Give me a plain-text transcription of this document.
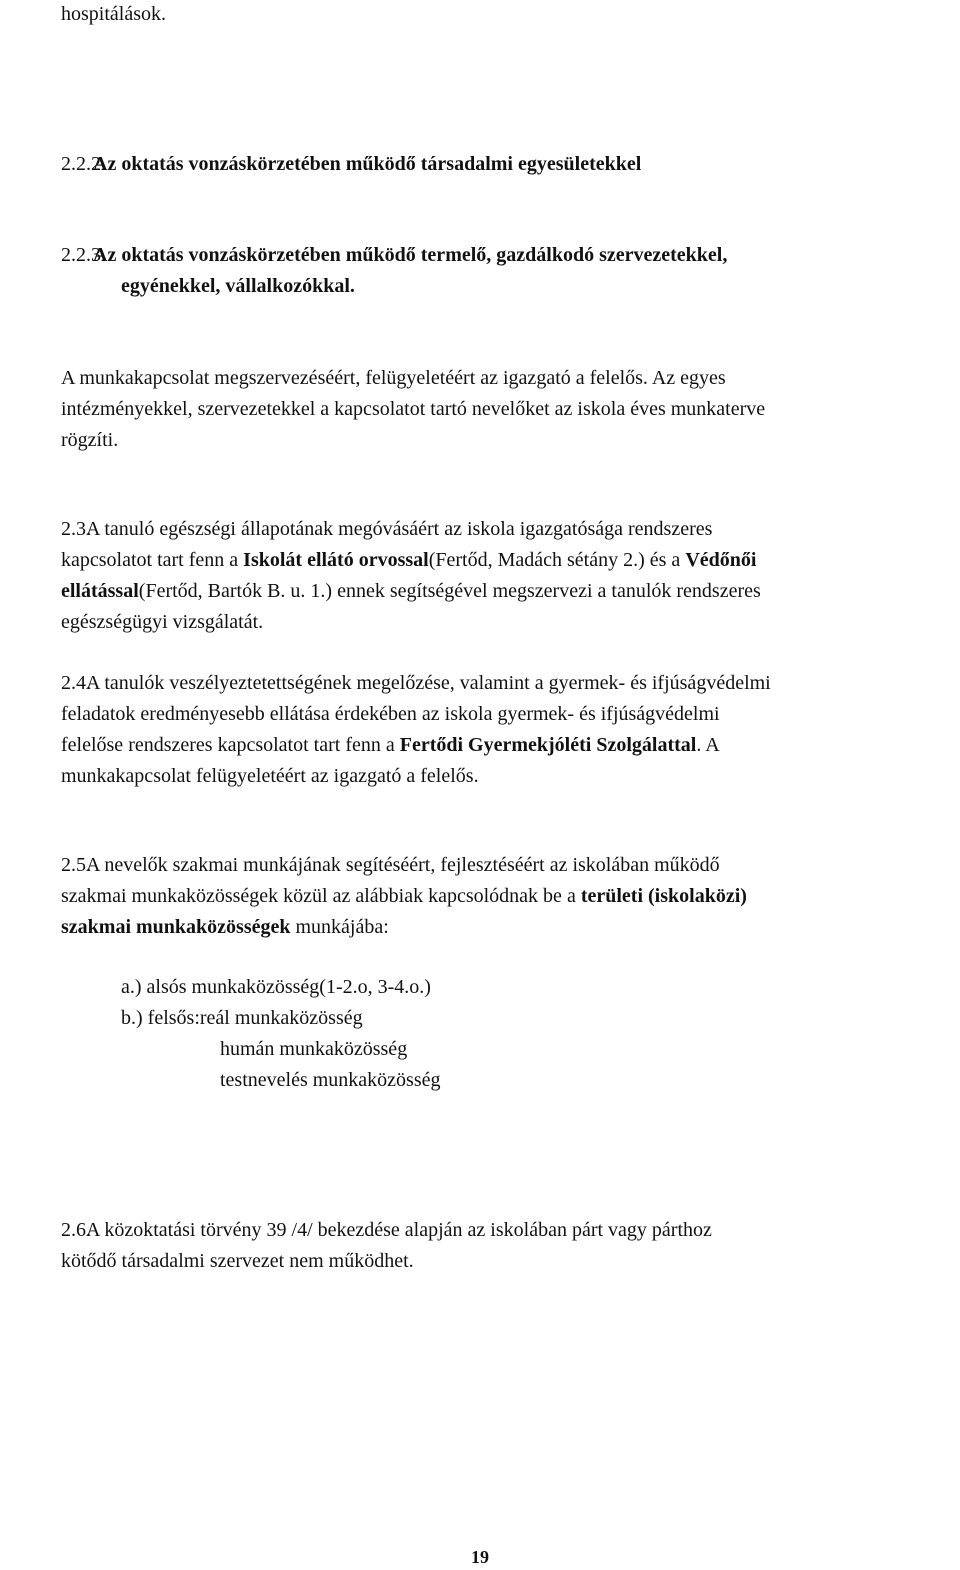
hospitálások.
2.2.2.
Az oktatás vonzáskörzetében működő társadalmi egyesületekkel
2.2.3.
Az oktatás vonzáskörzetében működő termelő, gazdálkodó szervezetekkel,
egyénekkel, vállalkozókkal.
A munkakapcsolat megszervezéséért, felügyeletéért az igazgató a felelős. Az egyes
intézményekkel, szervezetekkel a kapcsolatot tartó nevelőket az iskola éves munkaterve
rögzíti.
2.3.
A tanuló egészségi állapotának megóvásáért az iskola igazgatósága rendszeres
kapcsolatot tart fenn a Iskolát ellátó orvossal(Fertőd, Madách sétány 2.) és a Védőnői
ellátással(Fertőd, Bartók B. u. 1.) ennek segítségével megszervezi a tanulók rendszeres
egészségügyi vizsgálatát.
2.4.
A tanulók veszélyeztetettségének megelőzése, valamint a gyermek- és ifjúságvédelmi
feladatok eredményesebb ellátása érdekében az iskola gyermek- és ifjúságvédelmi
felelőse rendszeres kapcsolatot tart fenn a Fertődi Gyermekjóléti Szolgálattal. A
munkakapcsolat felügyeletéért az igazgató a felelős.
2.5.
A nevelők szakmai munkájának segítéséért, fejlesztéséért az iskolában működő
szakmai munkaközösségek közül az alábbiak kapcsolódnak be a területi (iskolaközi)
szakmai munkaközösségek munkájába:
a.) alsós munkaközösség(1-2.o, 3-4.o.)
b.) felsős:reál munkaközösség
humán munkaközösség
testnevelés munkaközösség
2.6.
A közoktatási törvény 39 /4/ bekezdése alapján az iskolában párt vagy párthoz
kötődő társadalmi szervezet nem működhet.
19
